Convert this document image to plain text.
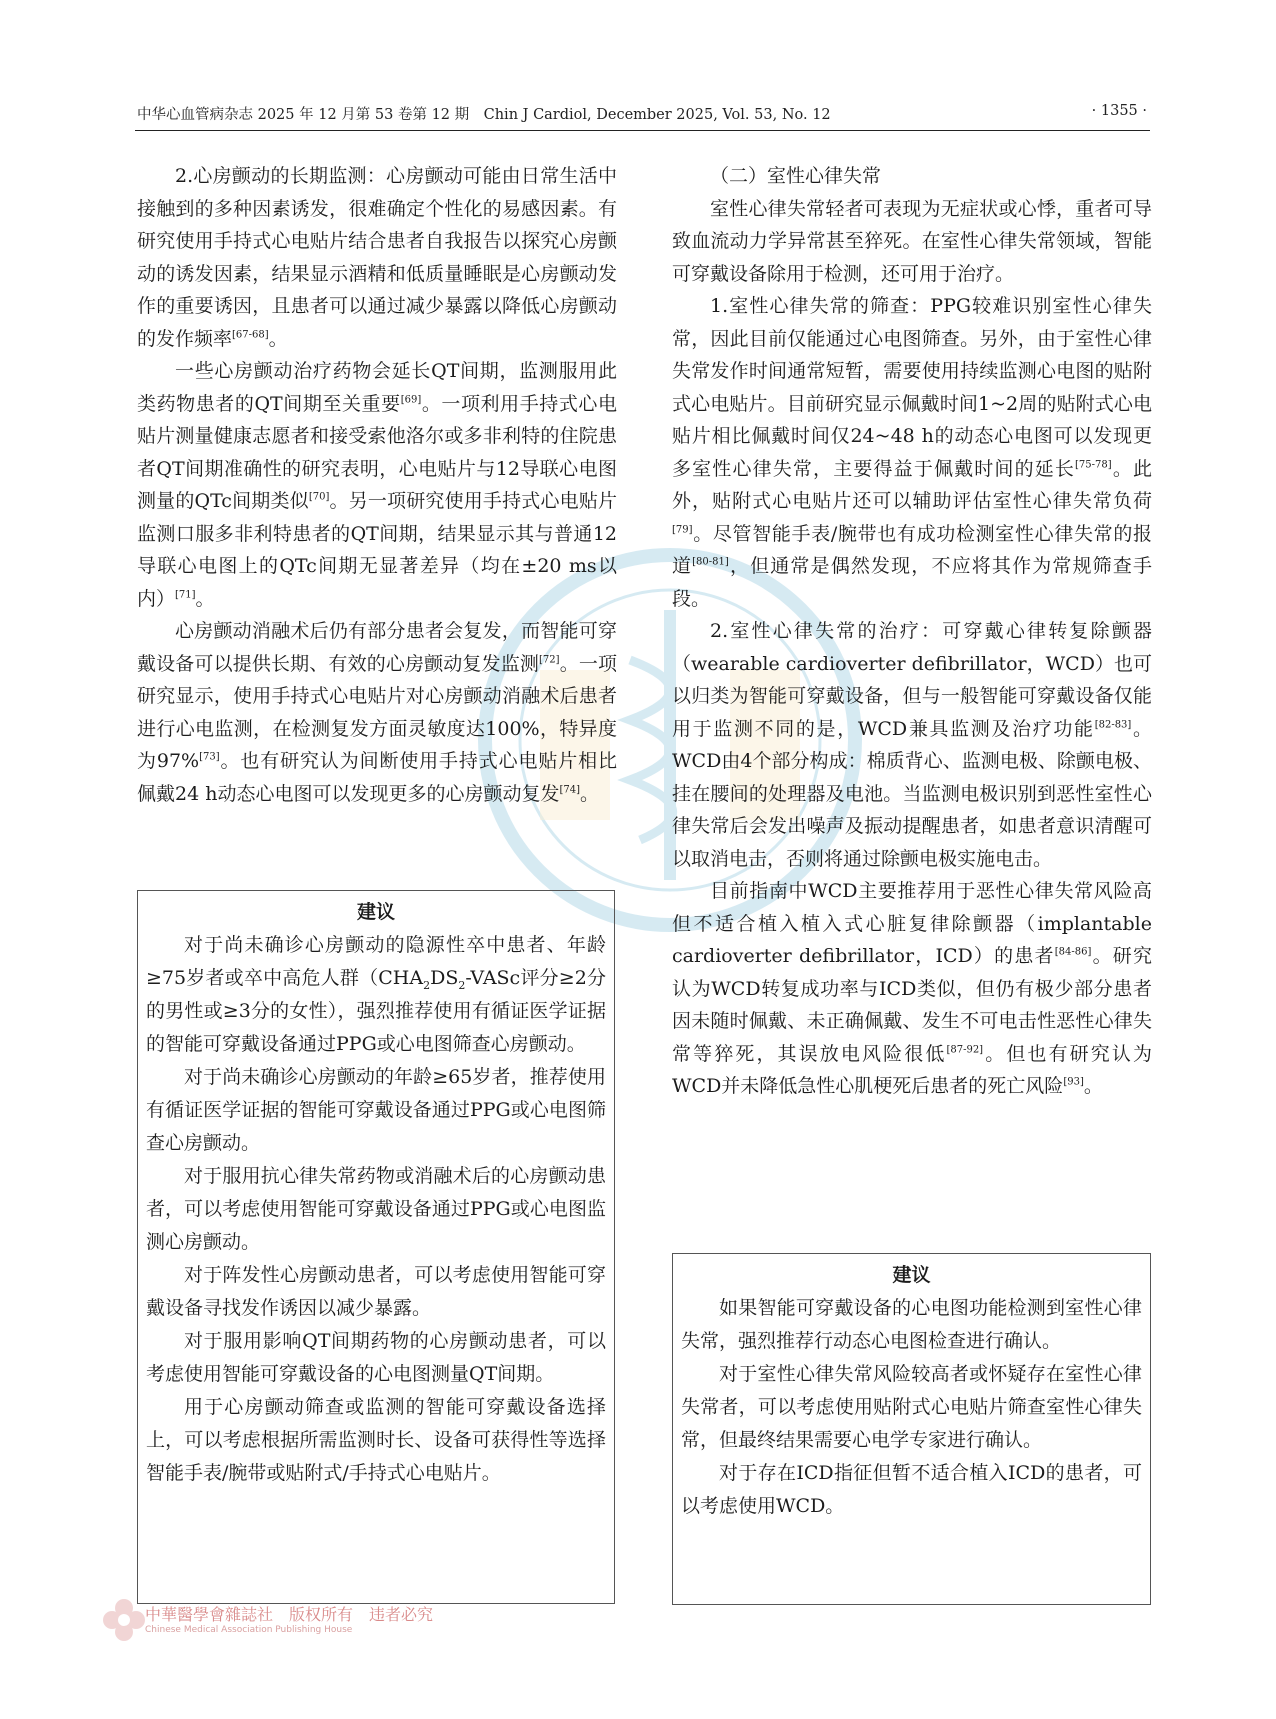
中华心血管病杂志 2025 年 12 月第 53 卷第 12 期　Chin J Cardiol, December 2025, Vol. 53, No. 12	· 1355 ·

2.心房颤动的长期监测：心房颤动可能由日常生活中接触到的多种因素诱发，很难确定个性化的易感因素。有研究使用手持式心电贴片结合患者自我报告以探究心房颤动的诱发因素，结果显示酒精和低质量睡眠是心房颤动发作的重要诱因，且患者可以通过减少暴露以降低心房颤动的发作频率[67-68]。

一些心房颤动治疗药物会延长QT间期，监测服用此类药物患者的QT间期至关重要[69]。一项利用手持式心电贴片测量健康志愿者和接受索他洛尔或多非利特的住院患者QT间期准确性的研究表明，心电贴片与12导联心电图测量的QTc间期类似[70]。另一项研究使用手持式心电贴片监测口服多非利特患者的QT间期，结果显示其与普通12导联心电图上的QTc间期无显著差异（均在±20 ms以内）[71]。

心房颤动消融术后仍有部分患者会复发，而智能可穿戴设备可以提供长期、有效的心房颤动复发监测[72]。一项研究显示，使用手持式心电贴片对心房颤动消融术后患者进行心电监测，在检测复发方面灵敏度达100%，特异度为97%[73]。也有研究认为间断使用手持式心电贴片相比佩戴24 h动态心电图可以发现更多的心房颤动复发[74]。

建议

对于尚未确诊心房颤动的隐源性卒中患者、年龄≥75岁者或卒中高危人群（$CHA_2DS_2$-VASc评分≥2分的男性或≥3分的女性），强烈推荐使用有循证医学证据的智能可穿戴设备通过PPG或心电图筛查心房颤动。

对于尚未确诊心房颤动的年龄≥65岁者，推荐使用有循证医学证据的智能可穿戴设备通过PPG或心电图筛查心房颤动。

对于服用抗心律失常药物或消融术后的心房颤动患者，可以考虑使用智能可穿戴设备通过PPG或心电图监测心房颤动。

对于阵发性心房颤动患者，可以考虑使用智能可穿戴设备寻找发作诱因以减少暴露。

对于服用影响QT间期药物的心房颤动患者，可以考虑使用智能可穿戴设备的心电图测量QT间期。

用于心房颤动筛查或监测的智能可穿戴设备选择上，可以考虑根据所需监测时长、设备可获得性等选择智能手表/腕带或贴附式/手持式心电贴片。

（二）室性心律失常

室性心律失常轻者可表现为无症状或心悸，重者可导致血流动力学异常甚至猝死。在室性心律失常领域，智能可穿戴设备除用于检测，还可用于治疗。

1.室性心律失常的筛查：PPG较难识别室性心律失常，因此目前仅能通过心电图筛查。另外，由于室性心律失常发作时间通常短暂，需要使用持续监测心电图的贴附式心电贴片。目前研究显示佩戴时间1~2周的贴附式心电贴片相比佩戴时间仅24~48 h的动态心电图可以发现更多室性心律失常，主要得益于佩戴时间的延长[75-78]。此外，贴附式心电贴片还可以辅助评估室性心律失常负荷[79]。尽管智能手表/腕带也有成功检测室性心律失常的报道[80-81]，但通常是偶然发现，不应将其作为常规筛查手段。

2.室性心律失常的治疗：可穿戴心律转复除颤器（wearable cardioverter defibrillator，WCD）也可以归类为智能可穿戴设备，但与一般智能可穿戴设备仅能用于监测不同的是，WCD兼具监测及治疗功能[82-83]。WCD由4个部分构成：棉质背心、监测电极、除颤电极、挂在腰间的处理器及电池。当监测电极识别到恶性室性心律失常后会发出噪声及振动提醒患者，如患者意识清醒可以取消电击，否则将通过除颤电极实施电击。

目前指南中WCD主要推荐用于恶性心律失常风险高但不适合植入植入式心脏复律除颤器（implantable cardioverter defibrillator，ICD）的患者[84-86]。研究认为WCD转复成功率与ICD类似，但仍有极少部分患者因未随时佩戴、未正确佩戴、发生不可电击性恶性心律失常等猝死，其误放电风险很低[87-92]。但也有研究认为WCD并未降低急性心肌梗死后患者的死亡风险[93]。

建议

如果智能可穿戴设备的心电图功能检测到室性心律失常，强烈推荐行动态心电图检查进行确认。

对于室性心律失常风险较高者或怀疑存在室性心律失常者，可以考虑使用贴附式心电贴片筛查室性心律失常，但最终结果需要心电学专家进行确认。

对于存在ICD指征但暂不适合植入ICD的患者，可以考虑使用WCD。

中華醫學會雜誌社　版权所有　违者必究
Chinese Medical Association Publishing House
